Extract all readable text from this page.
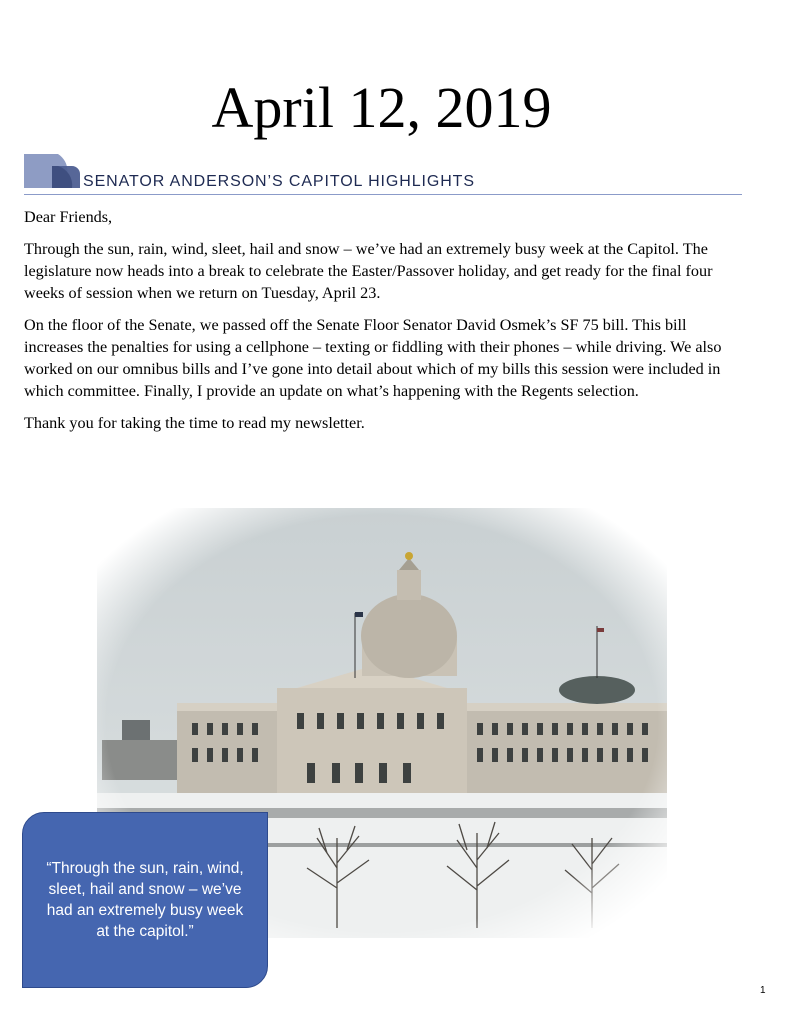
April 12, 2019
SENATOR ANDERSON’S CAPITOL HIGHLIGHTS

Dear Friends,

Through the sun, rain, wind, sleet, hail and snow – we’ve had an extremely busy week at the Capitol. The legislature now heads into a break to celebrate the Easter/Passover holiday, and get ready for the final four weeks of session when we return on Tuesday, April 23.

On the floor of the Senate, we passed off the Senate Floor Senator David Osmek’s SF 75 bill. This bill increases the penalties for using a cellphone – texting or fiddling with their phones – while driving. We also worked on our omnibus bills and I’ve gone into detail about which of my bills this session were included in which committee. Finally, I provide an update on what’s happening with the Regents selection.

Thank you for taking the time to read my newsletter.

“Through the sun, rain, wind, sleet, hail and snow – we’ve had an extremely busy week at the capitol.”
1
